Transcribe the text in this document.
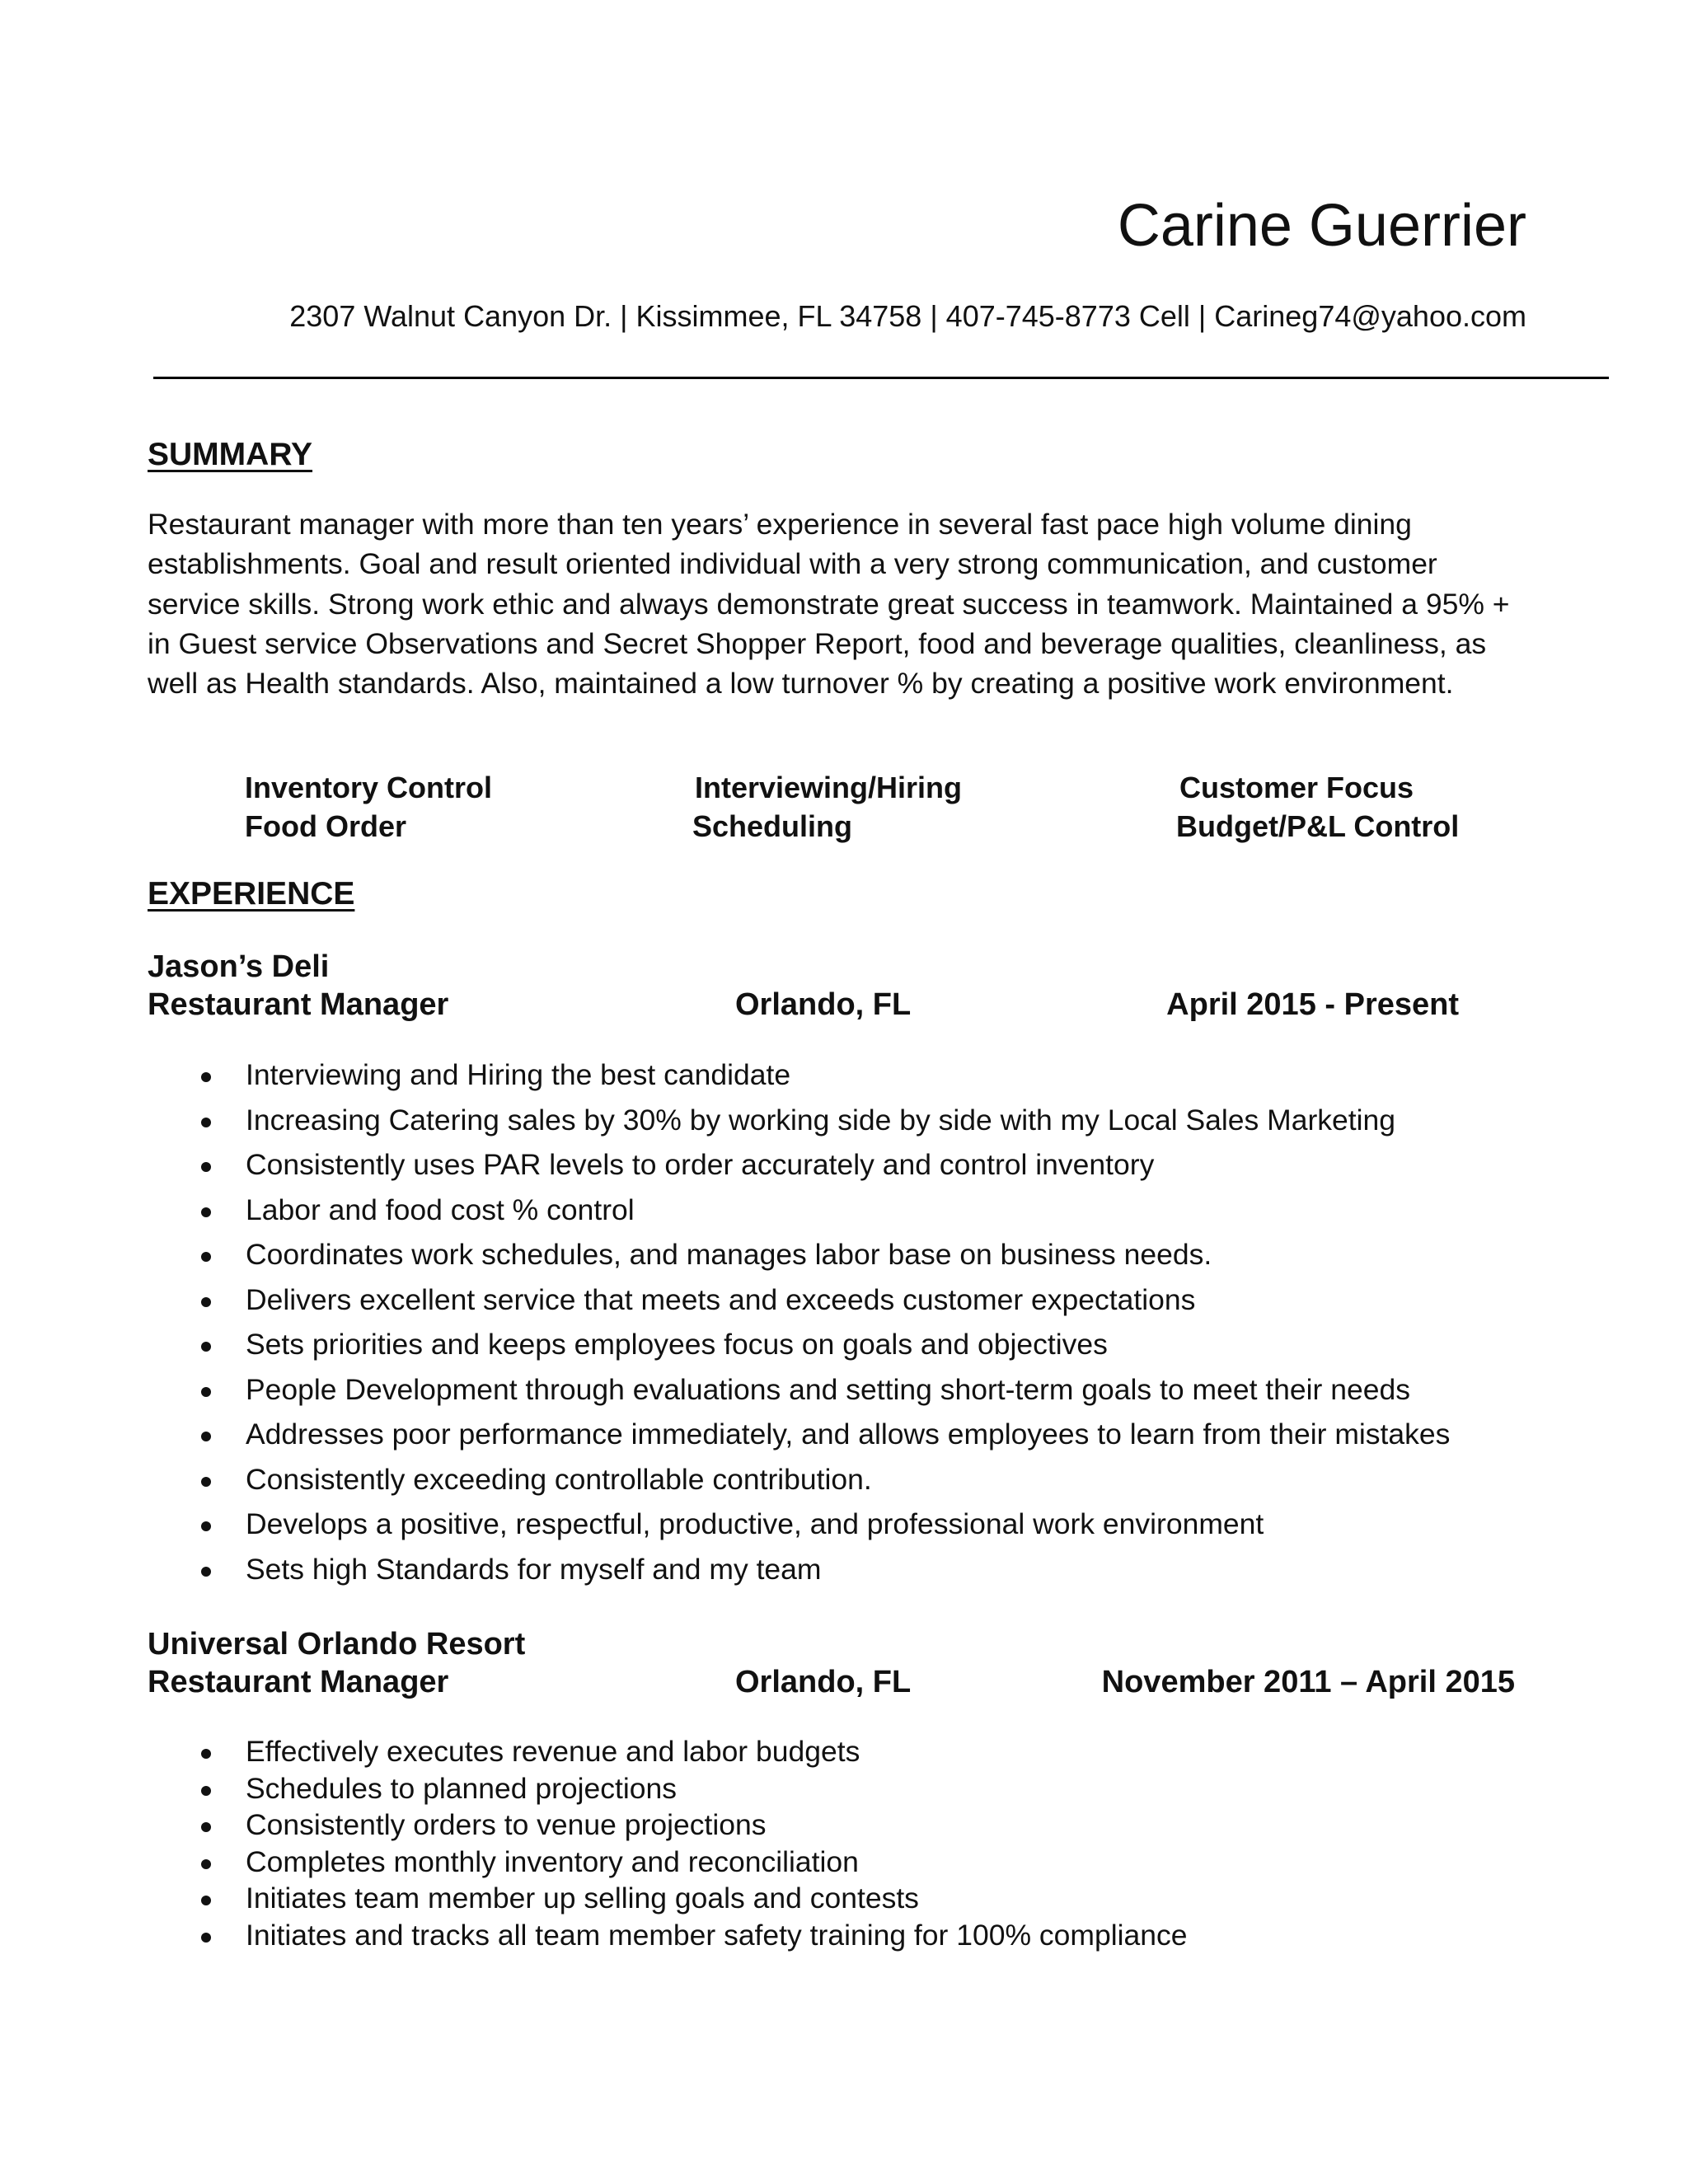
Carine Guerrier

2307 Walnut Canyon Dr. | Kissimmee, FL 34758 | 407-745-8773 Cell | Carineg74@yahoo.com

SUMMARY

Restaurant manager with more than ten years’ experience in several fast pace high volume dining establishments. Goal and result oriented individual with a very strong communication, and customer service skills. Strong work ethic and always demonstrate great success in teamwork. Maintained a 95% + in Guest service Observations and Secret Shopper Report, food and beverage qualities, cleanliness, as well as Health standards. Also, maintained a low turnover % by creating a positive work environment.

Inventory Control	Interviewing/Hiring	Customer Focus
Food Order	Scheduling	Budget/P&L Control
EXPERIENCE
Jason’s Deli
Restaurant Manager	Orlando, FL	April 2015 - Present
Interviewing and Hiring the best candidate
Increasing Catering sales by 30% by working side by side with my Local Sales Marketing
Consistently uses PAR levels to order accurately and control inventory
Labor and food cost % control
Coordinates work schedules, and manages labor base on business needs.
Delivers excellent service that meets and exceeds customer expectations
Sets priorities and keeps employees focus on goals and objectives
People Development through evaluations and setting short-term goals to meet their needs
Addresses poor performance immediately, and allows employees to learn from their mistakes
Consistently exceeding controllable contribution.
Develops a positive, respectful, productive, and professional work environment
Sets high Standards for myself and my team
Universal Orlando Resort
Restaurant Manager	Orlando, FL	November 2011 – April 2015
Effectively executes revenue and labor budgets
Schedules to planned projections
Consistently orders to venue projections
Completes monthly inventory and reconciliation
Initiates team member up selling goals and contests
Initiates and tracks all team member safety training for 100% compliance
